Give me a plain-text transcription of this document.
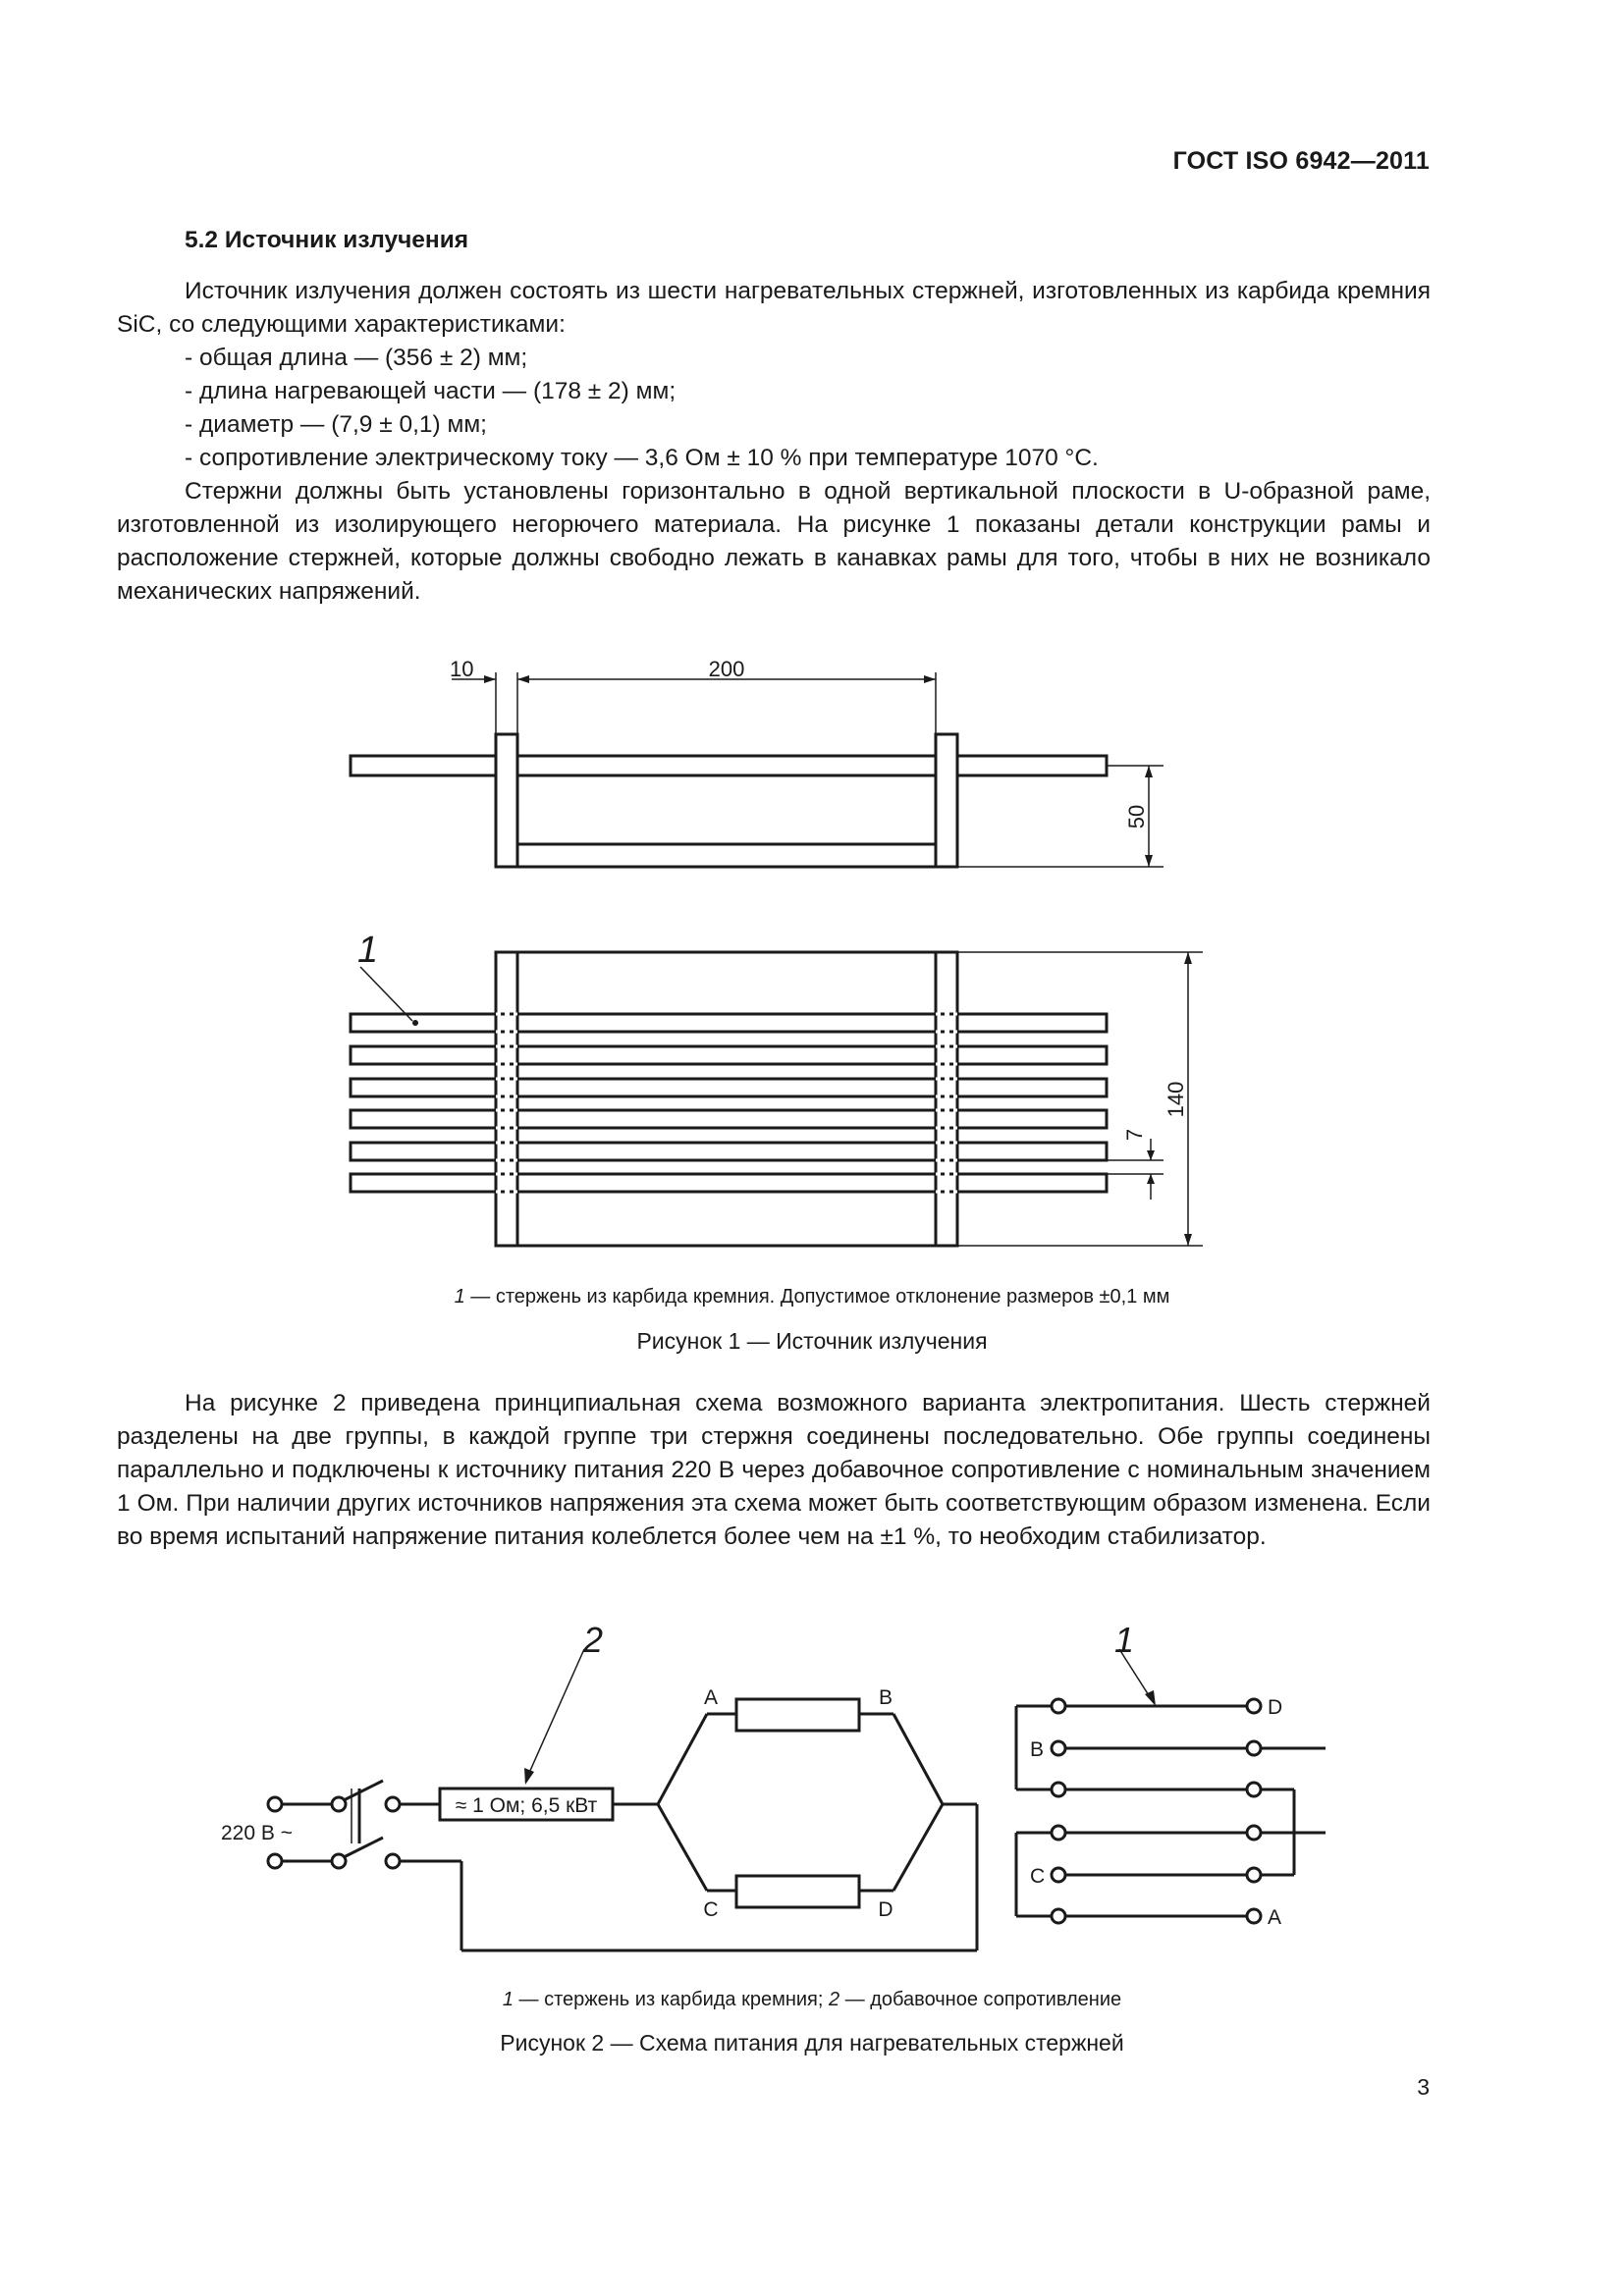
ГОСТ ISO 6942—2011
5.2 Источник излучения

Источник излучения должен состоять из шести нагревательных стержней, изготовленных из карбида кремния SiC, со следующими характеристиками:

- общая длина — (356 ± 2) мм;

- длина нагревающей части — (178 ± 2) мм;

- диаметр — (7,9 ± 0,1) мм;

- сопротивление электрическому току — 3,6 Ом ± 10 % при температуре 1070 °С.

Стержни должны быть установлены горизонтально в одной вертикальной плоскости в U-образной раме, изготовленной из изолирующего негорючего материала. На рисунке 1 показаны детали конструкции рамы и расположение стержней, которые должны свободно лежать в канавках рамы для того, чтобы в них не возникало механических напряжений.

10	200
50
140
7
1
1 — стержень из карбида кремния. Допустимое отклонение размеров ±0,1 мм
Рисунок 1 — Источник излучения

На рисунке 2 приведена принципиальная схема возможного варианта электропитания. Шесть стержней разделены на две группы, в каждой группе три стержня соединены последовательно. Обе группы соединены параллельно и подключены к источнику питания 220 В через добавочное сопротивление с номинальным значением 1 Ом. При наличии других источников напряжения эта схема может быть соответствующим образом изменена. Если во время испытаний напряжение питания колеблется более чем на ±1 %, то необходим стабилизатор.

≈ 1 Ом; 6,5 кВт
220 В ~
A	B
C	D
D
B
C
A
2	1
1 — стержень из карбида кремния; 2 — добавочное сопротивление
Рисунок 2 — Схема питания для нагревательных стержней
3
